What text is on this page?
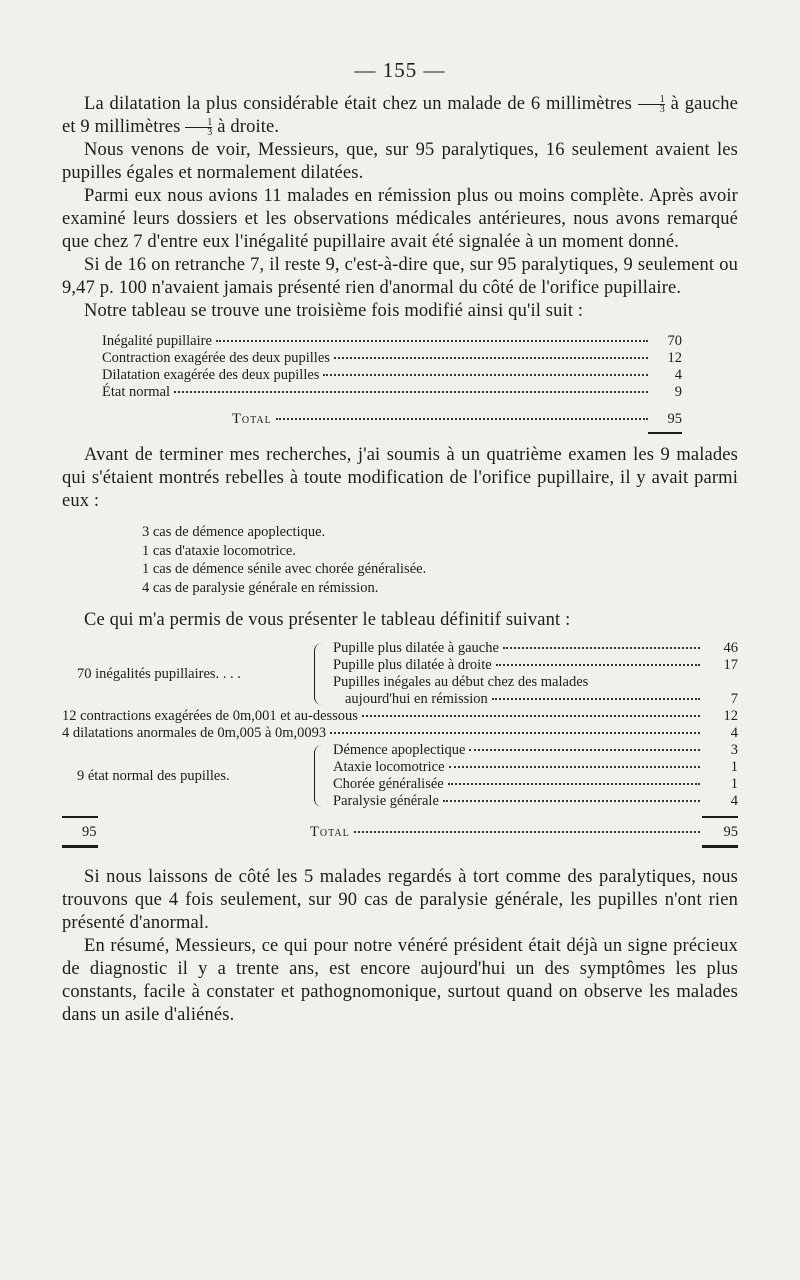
— 155 —

La dilatation la plus considérable était chez un malade de 6 millimètres $\frac{1}{3}$ à gauche et 9 millimètres $\frac{1}{3}$ à droite.

Nous venons de voir, Messieurs, que, sur 95 paralytiques, 16 seulement avaient les pupilles égales et normalement dilatées.

Parmi eux nous avions 11 malades en rémission plus ou moins complète. Après avoir examiné leurs dossiers et les observations médicales antérieures, nous avons remarqué que chez 7 d'entre eux l'inégalité pupillaire avait été signalée à un moment donné.

Si de 16 on retranche 7, il reste 9, c'est-à-dire que, sur 95 paralytiques, 9 seulement ou 9,47 p. 100 n'avaient jamais présenté rien d'anormal du côté de l'orifice pupillaire.

Notre tableau se trouve une troisième fois modifié ainsi qu'il suit :

Inégalité pupillaire	70
Contraction exagérée des deux pupilles	12
Dilatation exagérée des deux pupilles	4
État normal	9
Total	95

Avant de terminer mes recherches, j'ai soumis à un quatrième examen les 9 malades qui s'étaient montrés rebelles à toute modification de l'orifice pupillaire, il y avait parmi eux :

3 cas de démence apoplectique.
1 cas d'ataxie locomotrice.
1 cas de démence sénile avec chorée généralisée.
4 cas de paralysie générale en rémission.

Ce qui m'a permis de vous présenter le tableau définitif suivant :

70 inégalités pupillaires. . . .
Pupille plus dilatée à gauche	46
Pupille plus dilatée à droite	17
Pupilles inégales au début chez des malades
aujourd'hui en rémission	7
12 contractions exagérées de 0m,001 et au-dessous	12
4 dilatations anormales de 0m,005 à 0m,0093	4
9 état normal des pupilles.
Démence apoplectique	3
Ataxie locomotrice	1
Chorée généralisée	1
Paralysie générale	4
95	Total	95

Si nous laissons de côté les 5 malades regardés à tort comme des paralytiques, nous trouvons que 4 fois seulement, sur 90 cas de paralysie générale, les pupilles n'ont rien présenté d'anormal.

En résumé, Messieurs, ce qui pour notre vénéré président était déjà un signe précieux de diagnostic il y a trente ans, est encore aujourd'hui un des symptômes les plus constants, facile à constater et pathognomonique, surtout quand on observe les malades dans un asile d'aliénés.
